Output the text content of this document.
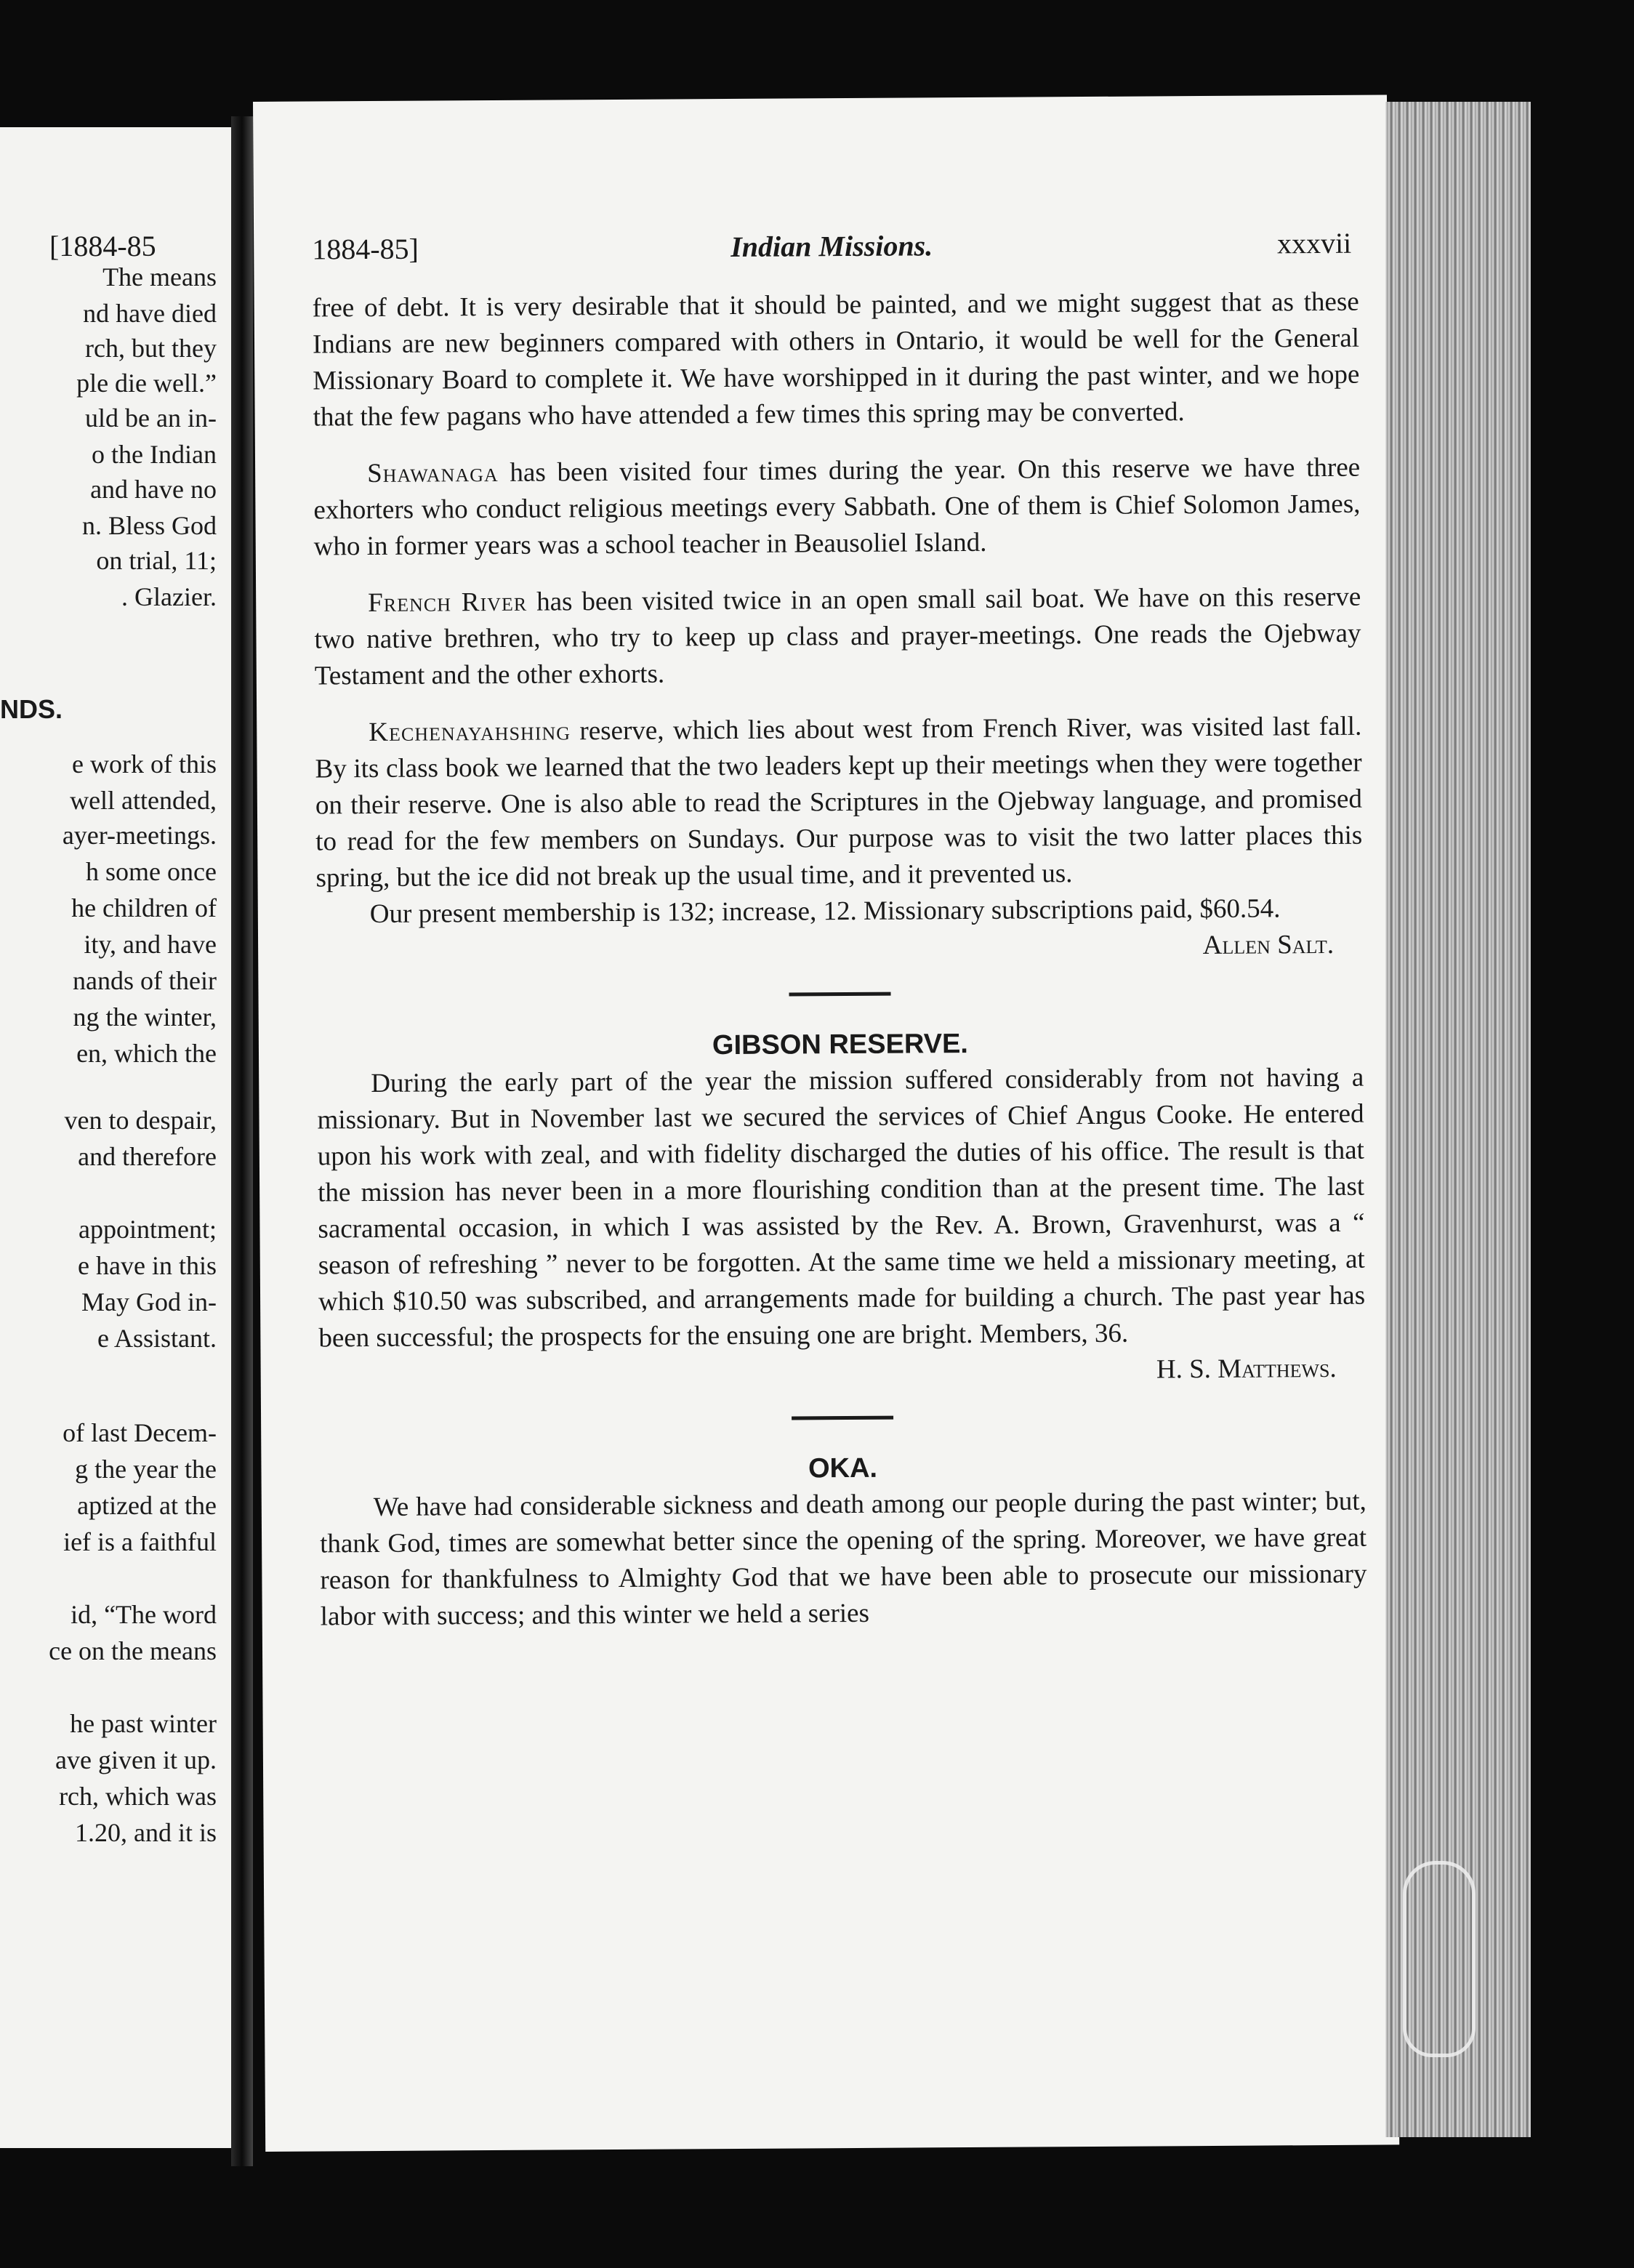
[1884-85
The means
nd have died
rch, but they
ple die well.”
uld be an in-
o the Indian
and have no
n. Bless God
on trial, 11;
. Glazier.
NDS.
e work of this
well attended,
ayer-meetings.
h some once
he children of
ity, and have
nands of their
ng the winter,
en, which the
ven to despair,
and therefore
appointment;
e have in this
May God in-
e Assistant.
of last Decem-
g the year the
aptized at the
ief is a faithful
id, “The word
ce on the means
he past winter
ave given it up.
rch, which was
1.20, and it is
1884-85]	Indian Missions.	xxxvii

free of debt. It is very desirable that it should be painted, and we might suggest that as these Indians are new beginners compared with others in Ontario, it would be well for the General Missionary Board to complete it. We have worshipped in it during the past winter, and we hope that the few pagans who have attended a few times this spring may be converted.

Shawanaga has been visited four times during the year. On this reserve we have three exhorters who conduct religious meetings every Sabbath. One of them is Chief Solomon James, who in former years was a school teacher in Beausoliel Island.

French River has been visited twice in an open small sail boat. We have on this reserve two native brethren, who try to keep up class and prayer-meetings. One reads the Ojebway Testament and the other exhorts.

Kechenayahshing reserve, which lies about west from French River, was visited last fall. By its class book we learned that the two leaders kept up their meetings when they were together on their reserve. One is also able to read the Scriptures in the Ojebway language, and promised to read for the few members on Sundays. Our purpose was to visit the two latter places this spring, but the ice did not break up the usual time, and it prevented us.

Our present membership is 132; increase, 12. Missionary subscriptions paid, $60.54.

Allen Salt.

GIBSON RESERVE.

During the early part of the year the mission suffered considerably from not having a missionary. But in November last we secured the services of Chief Angus Cooke. He entered upon his work with zeal, and with fidelity discharged the duties of his office. The result is that the mission has never been in a more flourishing condition than at the present time. The last sacramental occasion, in which I was assisted by the Rev. A. Brown, Gravenhurst, was a “ season of refreshing ” never to be forgotten. At the same time we held a missionary meeting, at which $10.50 was subscribed, and arrangements made for building a church. The past year has been successful; the prospects for the ensuing one are bright. Members, 36.

H. S. Matthews.

OKA.

We have had considerable sickness and death among our people during the past winter; but, thank God, times are somewhat better since the opening of the spring. Moreover, we have great reason for thankfulness to Almighty God that we have been able to prosecute our missionary labor with success; and this winter we held a series
